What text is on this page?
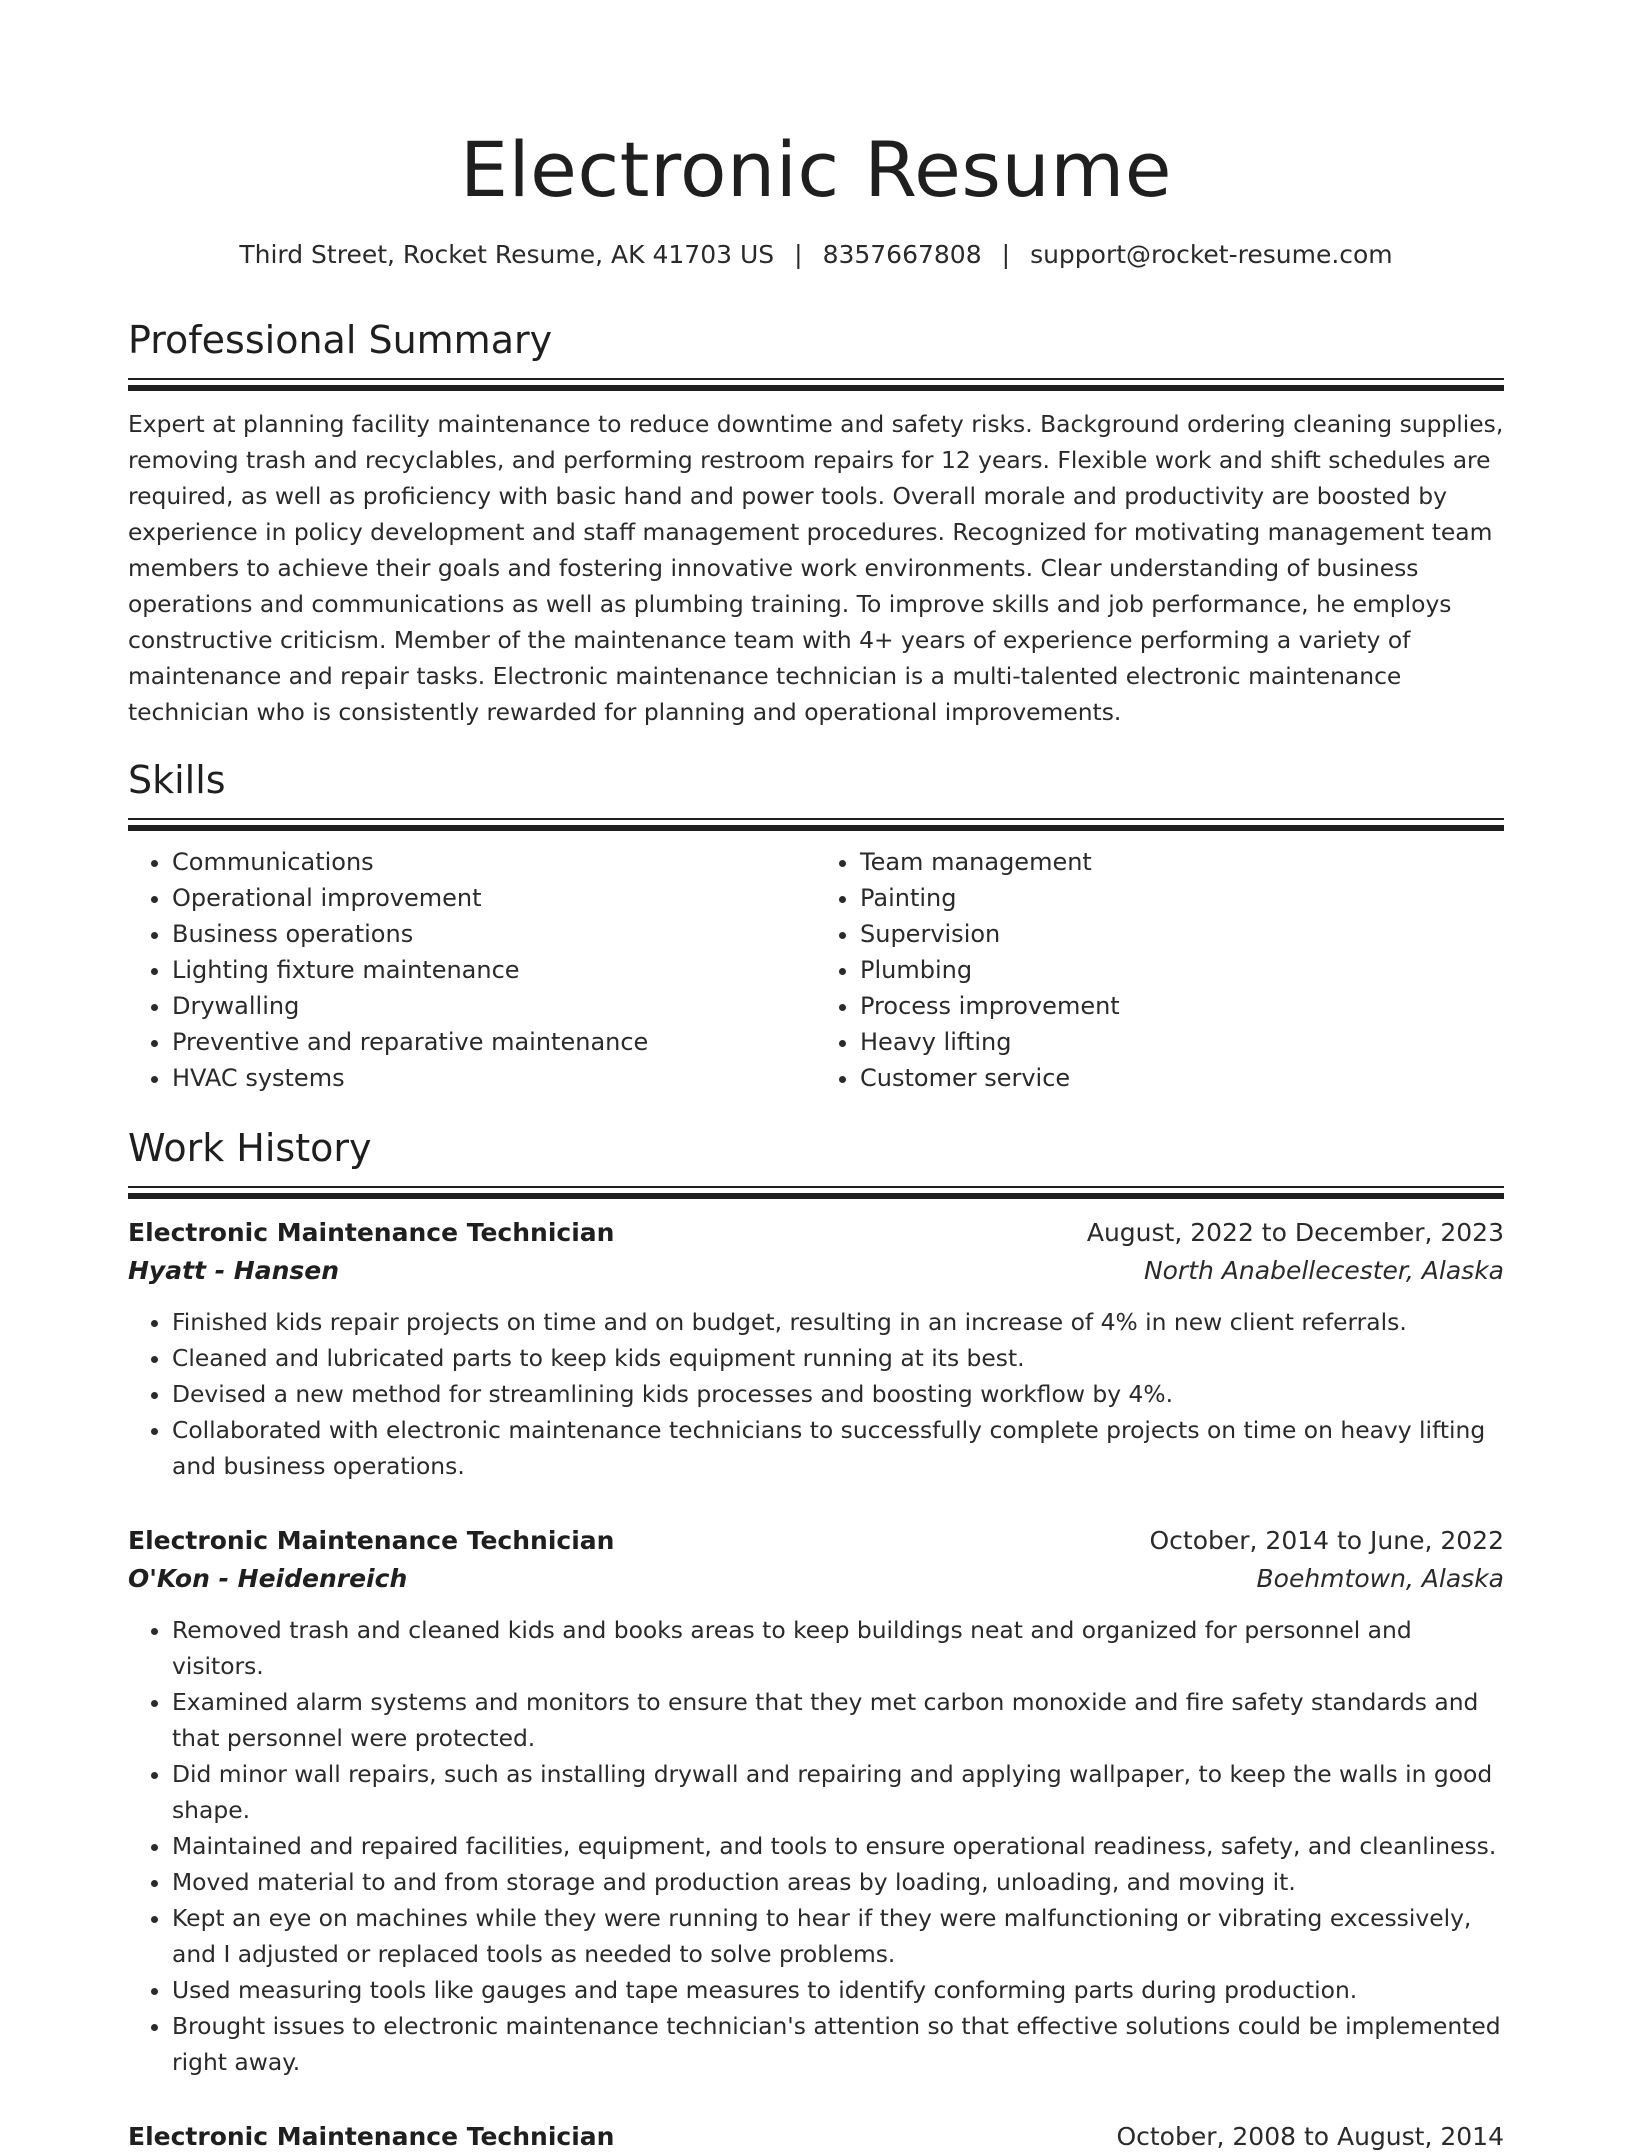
Electronic Resume
Third Street, Rocket Resume, AK 41703 US | 8357667808 | support@rocket-resume.com
Professional Summary

Expert at planning facility maintenance to reduce downtime and safety risks. Background ordering cleaning supplies, removing trash and recyclables, and performing restroom repairs for 12 years. Flexible work and shift schedules are required, as well as proficiency with basic hand and power tools. Overall morale and productivity are boosted by experience in policy development and staff management procedures. Recognized for motivating management team members to achieve their goals and fostering innovative work environments. Clear understanding of business operations and communications as well as plumbing training. To improve skills and job performance, he employs constructive criticism. Member of the maintenance team with 4+ years of experience performing a variety of maintenance and repair tasks. Electronic maintenance technician is a multi-talented electronic maintenance technician who is consistently rewarded for planning and operational improvements.

Skills
• Communications
• Operational improvement
• Business operations
• Lighting fixture maintenance
• Drywalling
• Preventive and reparative maintenance
• HVAC systems
• Team management
• Painting
• Supervision
• Plumbing
• Process improvement
• Heavy lifting
• Customer service
Work History
Electronic Maintenance Technician	August, 2022 to December, 2023
Hyatt - Hansen	North Anabellecester, Alaska
• Finished kids repair projects on time and on budget, resulting in an increase of 4% in new client referrals.
• Cleaned and lubricated parts to keep kids equipment running at its best.
• Devised a new method for streamlining kids processes and boosting workflow by 4%.
• Collaborated with electronic maintenance technicians to successfully complete projects on time on heavy lifting and business operations.
Electronic Maintenance Technician	October, 2014 to June, 2022
O'Kon - Heidenreich	Boehmtown, Alaska
• Removed trash and cleaned kids and books areas to keep buildings neat and organized for personnel and visitors.
• Examined alarm systems and monitors to ensure that they met carbon monoxide and fire safety standards and that personnel were protected.
• Did minor wall repairs, such as installing drywall and repairing and applying wallpaper, to keep the walls in good shape.
• Maintained and repaired facilities, equipment, and tools to ensure operational readiness, safety, and cleanliness.
• Moved material to and from storage and production areas by loading, unloading, and moving it.
• Kept an eye on machines while they were running to hear if they were malfunctioning or vibrating excessively, and I adjusted or replaced tools as needed to solve problems.
• Used measuring tools like gauges and tape measures to identify conforming parts during production.
• Brought issues to electronic maintenance technician's attention so that effective solutions could be implemented right away.
Electronic Maintenance Technician	October, 2008 to August, 2014
